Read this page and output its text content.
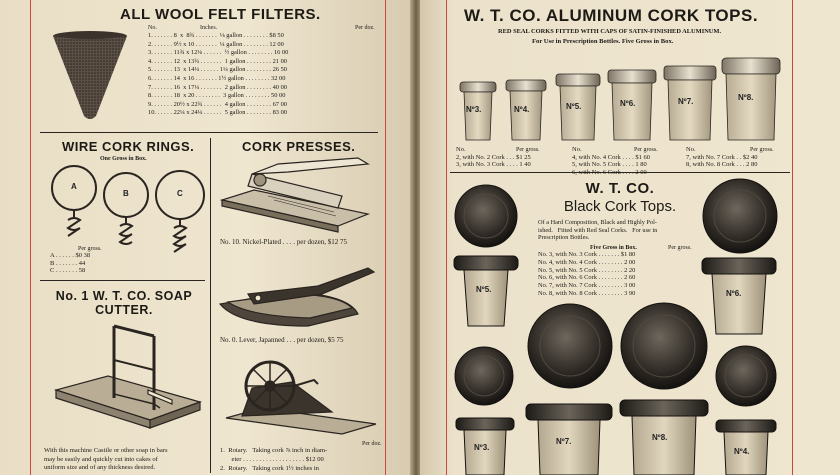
ALL WOOL FELT FILTERS.
No.	Inches.	Per doz.
1. . . . . . . 8  x  8¾ . . . . . . .  ⅛ gallon . . . . . . . . $8 50
2. . . . . . . 9½ x 10 . . . . . . .  ¼ gallon . . . . . . . . 12 00
3. . . . . . . 11¾ x 12⅛ . . . . . .  ½ gallon . . . . . . . . 16 00
4. . . . . . . 12  x 13¾ . . . . . . .  1 gallon . . . . . . . . 21 00
5. . . . . . . 13  x 14¼ . . . . . . 1¼ gallon . . . . . . . . 26 50
6. . . . . . . 14  x 16 . . . . . . . 1½ gallon . . . . . . . . 32 00
7. . . . . . . 16  x 17¼ . . . . . . .  2 gallon . . . . . . . . 40 00
8. . . . . . . 18  x 20 . . . . . . . .  3 gallon . . . . . . . . 50 00
9. . . . . . . 20½ x 22¾ . . . . . .  4 gallon . . . . . . . . 67 00
10. . . . . . 22¼ x 24¼ . . . . . .  5 gallon . . . . . . . . 83 00
WIRE CORK RINGS.
One Gross in Box.
A
B	C
Per gross.
A . . . . . . $0 38
B . . . . . . . 44
C . . . . . . . 58
No. 1 W. T. CO. SOAP
CUTTER.
With this machine Castile or other soap in bars
may be easily and quickly cut into cakes of
uniform size and of any thickness desired.
CORK PRESSES.
No. 10. Nickel-Plated . . . . per dozen, $12 75
No. 0. Lever, Japanned . . . per dozen, $5 75
Per doz.
1.  Rotary.   Taking cork ⅞ inch in diam-
eter . . . . . . . . . . . . . . . . . . . $12 00
2.  Rotary.   Taking cork 1½ inches in
W. T. CO. ALUMINUM CORK TOPS.
RED SEAL CORKS FITTED WITH CAPS OF SATIN-FINISHED ALUMINUM.
For Use in Prescription Bottles. Five Gross in Box.
Nº3.	Nº4.	Nº5.	Nº6.	Nº7.	Nº8.
No.
2, with No. 2 Cork . . . $1 25
3, with No. 3 Cork . . . . 1 40
No.
4, with No. 4 Cork . . . . $1 60
5, with No. 5 Cork . . . . 1 80
6, with No. 6 Cork . . . . 2 00
No.
7, with No. 7 Cork . . $2 40
8, with No. 8 Cork . . . 2 80
Per gross.	Per gross.	Per gross.
W. T. CO.
Black Cork Tops.
Of a Hard Composition, Black and Highly Pol-
ished.   Fitted with Red Seal Corks.   For use in
Prescription Bottles.
Five Gross in Box.	Per gross.
No. 3, with No. 3 Cork . . . . . . . $1 80
No. 4, with No. 4 Cork . . . . . . . . 2 00
No. 5, with No. 5 Cork . . . . . . . . 2 20
No. 6, with No. 6 Cork . . . . . . . . 2 60
No. 7, with No. 7 Cork . . . . . . . . 3 00
No. 8, with No. 8 Cork . . . . . . . . 3 90
Nº5.	Nº6.
Nº3.
Nº7.	Nº8.
Nº4.
